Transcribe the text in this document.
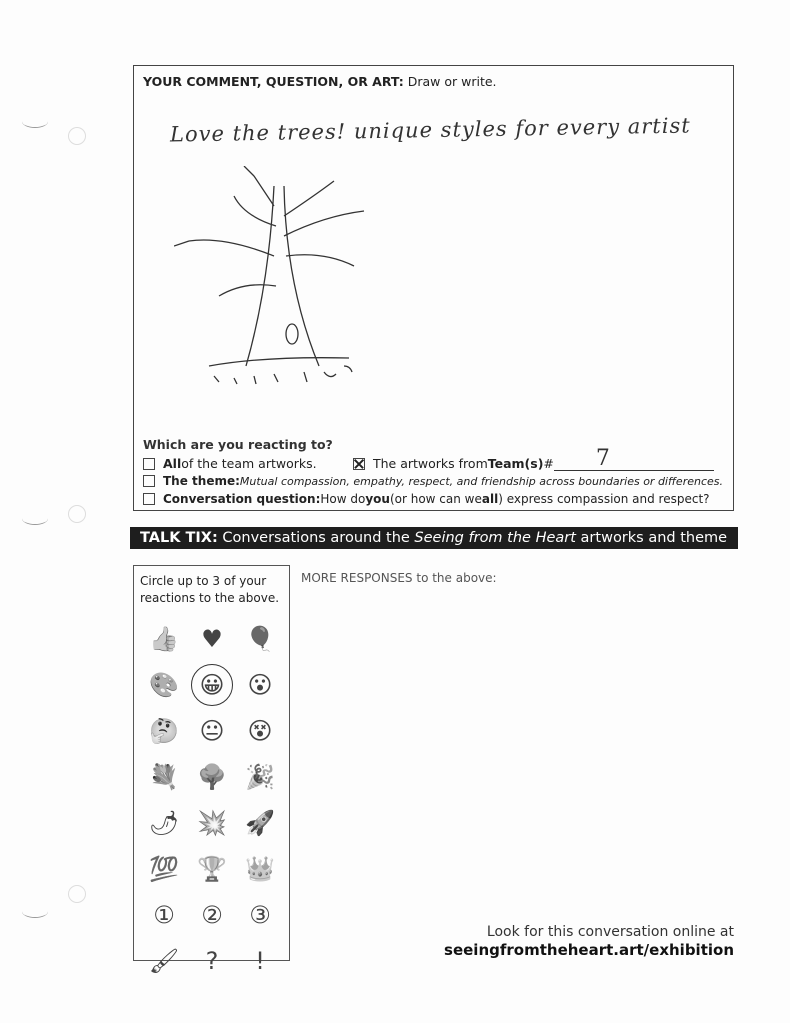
YOUR COMMENT, QUESTION, OR ART: Draw or write.
Love the trees! unique styles for every artist
Which are you reacting to?
All of the team artworks.	The artworks from Team(s) # 7
The theme: Mutual compassion, empathy, respect, and friendship across boundaries or differences.
Conversation question: How do you (or how can we all ) express compassion and respect?
TALK TIX: Conversations around the Seeing from the Heart artworks and theme
Circle up to 3 of your reactions to the above.
👍 ♥ 🎈
🎨 😀 😮
🤔 😐 😵
💐 🌳 🎉
🌶 💥 🚀
💯 🏆 👑
① ② ③
🖌 ? !
MORE RESPONSES to the above:
Look for this conversation online at
seeingfromtheheart.art/exhibition
